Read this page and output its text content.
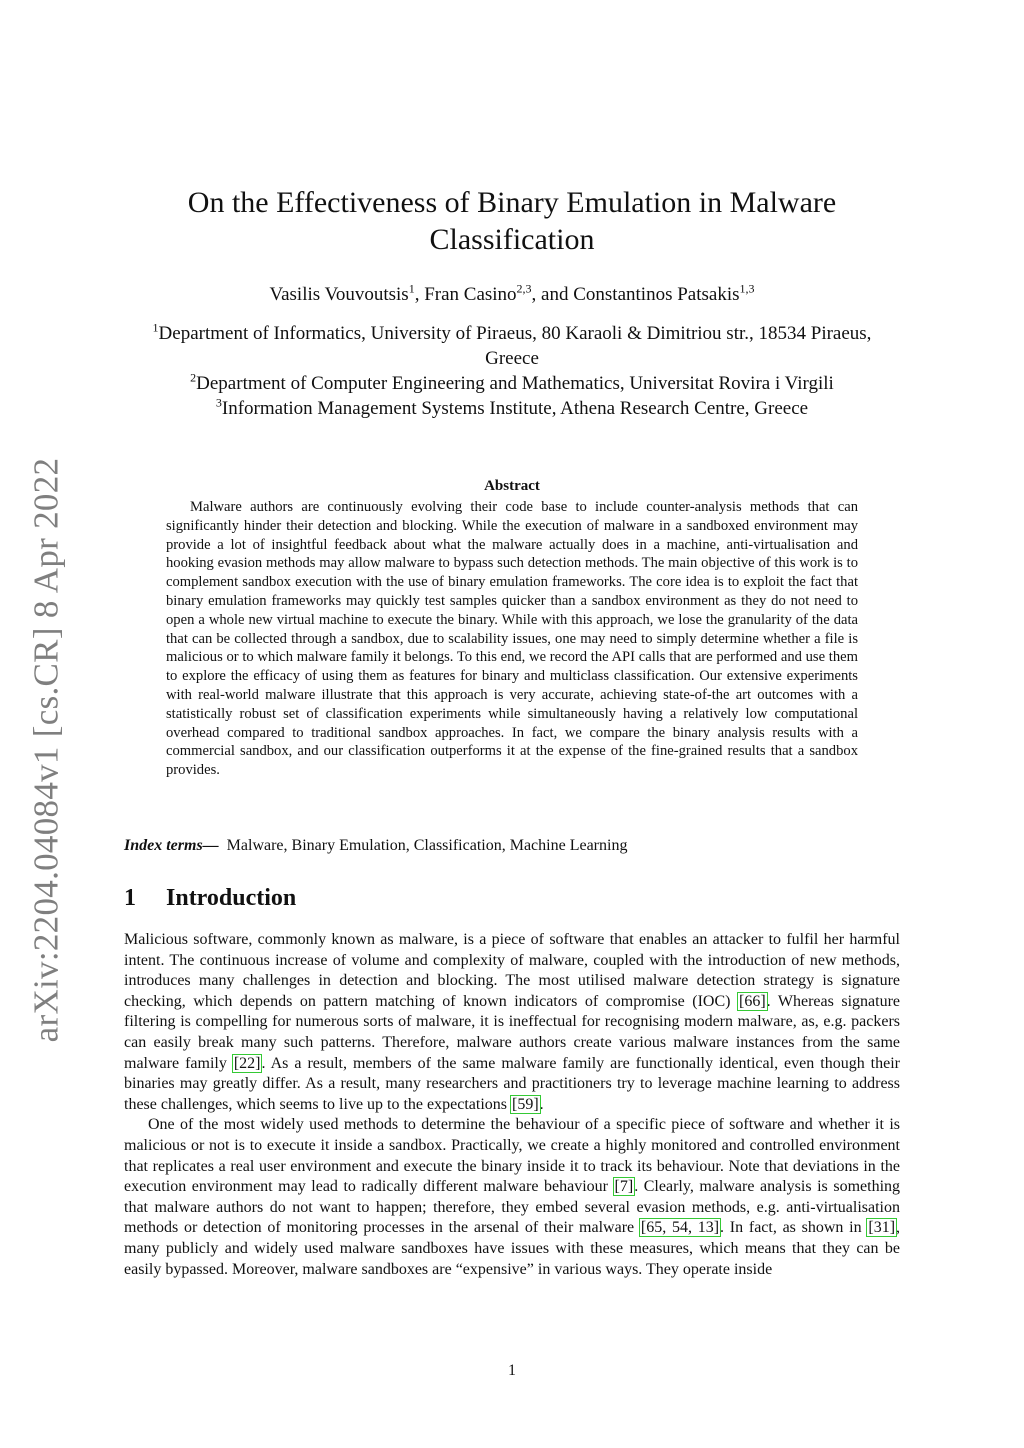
arXiv:2204.04084v1 [cs.CR] 8 Apr 2022
On the Effectiveness of Binary Emulation in Malware Classification
Vasilis Vouvoutsis$^1$, Fran Casino$^{2,3}$, and Constantinos Patsakis$^{1,3}$
$^1$Department of Informatics, University of Piraeus, 80 Karaoli & Dimitriou str., 18534 Piraeus, Greece
$^2$Department of Computer Engineering and Mathematics, Universitat Rovira i Virgili
$^3$Information Management Systems Institute, Athena Research Centre, Greece
Abstract

Malware authors are continuously evolving their code base to include counter-analysis methods that can significantly hinder their detection and blocking. While the execution of malware in a sandboxed environment may provide a lot of insightful feedback about what the malware actually does in a machine, anti-virtualisation and hooking evasion methods may allow malware to bypass such detection methods. The main objective of this work is to complement sandbox execution with the use of binary emulation frameworks. The core idea is to exploit the fact that binary emulation frameworks may quickly test samples quicker than a sandbox environment as they do not need to open a whole new virtual machine to execute the binary. While with this approach, we lose the granularity of the data that can be collected through a sandbox, due to scalability issues, one may need to simply determine whether a file is malicious or to which malware family it belongs. To this end, we record the API calls that are performed and use them to explore the efficacy of using them as features for binary and multiclass classification. Our extensive experiments with real-world malware illustrate that this approach is very accurate, achieving state-of-the art outcomes with a statistically robust set of classification experiments while simultaneously having a relatively low computational overhead compared to traditional sandbox approaches. In fact, we compare the binary analysis results with a commercial sandbox, and our classification outperforms it at the expense of the fine-grained results that a sandbox provides.

Index terms— Malware, Binary Emulation, Classification, Machine Learning
1 Introduction

Malicious software, commonly known as malware, is a piece of software that enables an attacker to fulfil her harmful intent. The continuous increase of volume and complexity of malware, coupled with the introduction of new methods, introduces many challenges in detection and blocking. The most utilised malware detection strategy is signature checking, which depends on pattern matching of known indicators of compromise (IOC) [66]. Whereas signature filtering is compelling for numerous sorts of malware, it is ineffectual for recognising modern malware, as, e.g. packers can easily break many such patterns. Therefore, malware authors create various malware instances from the same malware family [22]. As a result, members of the same malware family are functionally identical, even though their binaries may greatly differ. As a result, many researchers and practitioners try to leverage machine learning to address these challenges, which seems to live up to the expectations [59].

One of the most widely used methods to determine the behaviour of a specific piece of software and whether it is malicious or not is to execute it inside a sandbox. Practically, we create a highly monitored and controlled environment that replicates a real user environment and execute the binary inside it to track its behaviour. Note that deviations in the execution environment may lead to radically different malware behaviour [7]. Clearly, malware analysis is something that malware authors do not want to happen; therefore, they embed several evasion methods, e.g. anti-virtualisation methods or detection of monitoring processes in the arsenal of their malware [65, 54, 13]. In fact, as shown in [31], many publicly and widely used malware sandboxes have issues with these measures, which means that they can be easily bypassed. Moreover, malware sandboxes are “expensive” in various ways. They operate inside

1
